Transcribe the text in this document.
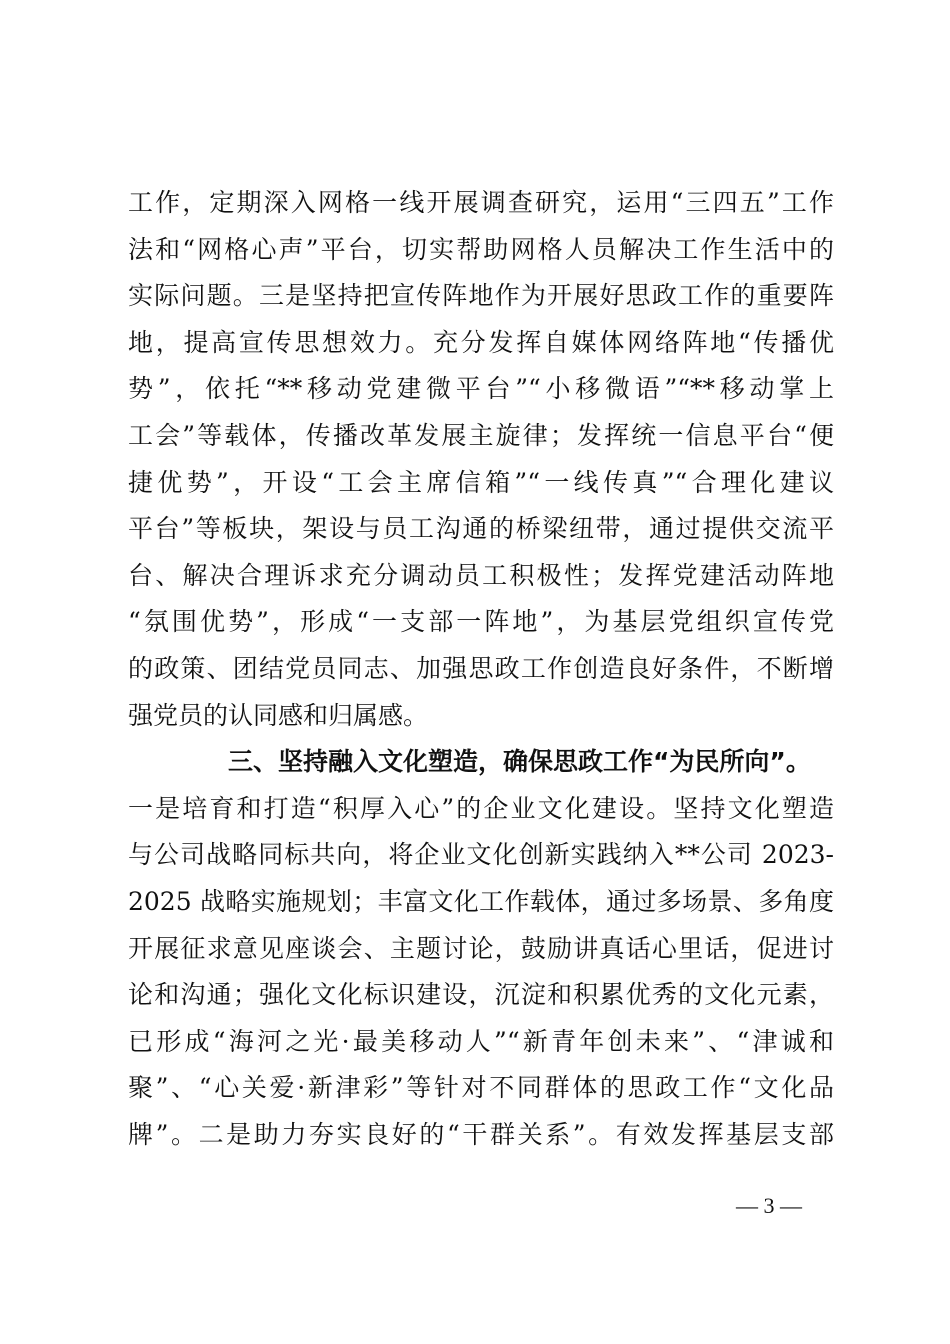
工作，定期深入网格一线开展调查研究，运用“三四五”工作
法和“网格心声”平台，切实帮助网格人员解决工作生活中的
实际问题。三是坚持把宣传阵地作为开展好思政工作的重要阵
地，提高宣传思想效力。充分发挥自媒体网络阵地“传播优
势”，依托“**移动党建微平台”“小移微语”“**移动掌上
工会”等载体，传播改革发展主旋律；发挥统一信息平台“便
捷优势”，开设“工会主席信箱”“一线传真”“合理化建议
平台”等板块，架设与员工沟通的桥梁纽带，通过提供交流平
台、解决合理诉求充分调动员工积极性；发挥党建活动阵地
“氛围优势”，形成“一支部一阵地”，为基层党组织宣传党
的政策、团结党员同志、加强思政工作创造良好条件，不断增
强党员的认同感和归属感。
三、坚持融入文化塑造，确保思政工作“为民所向”。
一是培育和打造“积厚入心”的企业文化建设。坚持文化塑造
与公司战略同标共向，将企业文化创新实践纳入**公司 2023-
2025 战略实施规划；丰富文化工作载体，通过多场景、多角度
开展征求意见座谈会、主题讨论，鼓励讲真话心里话，促进讨
论和沟通；强化文化标识建设，沉淀和积累优秀的文化元素，
已形成“海河之光·最美移动人”“新青年创未来”、“津诚和
聚”、“心关爱·新津彩”等针对不同群体的思政工作“文化品
牌”。二是助力夯实良好的“干群关系”。有效发挥基层支部
— 3 —
